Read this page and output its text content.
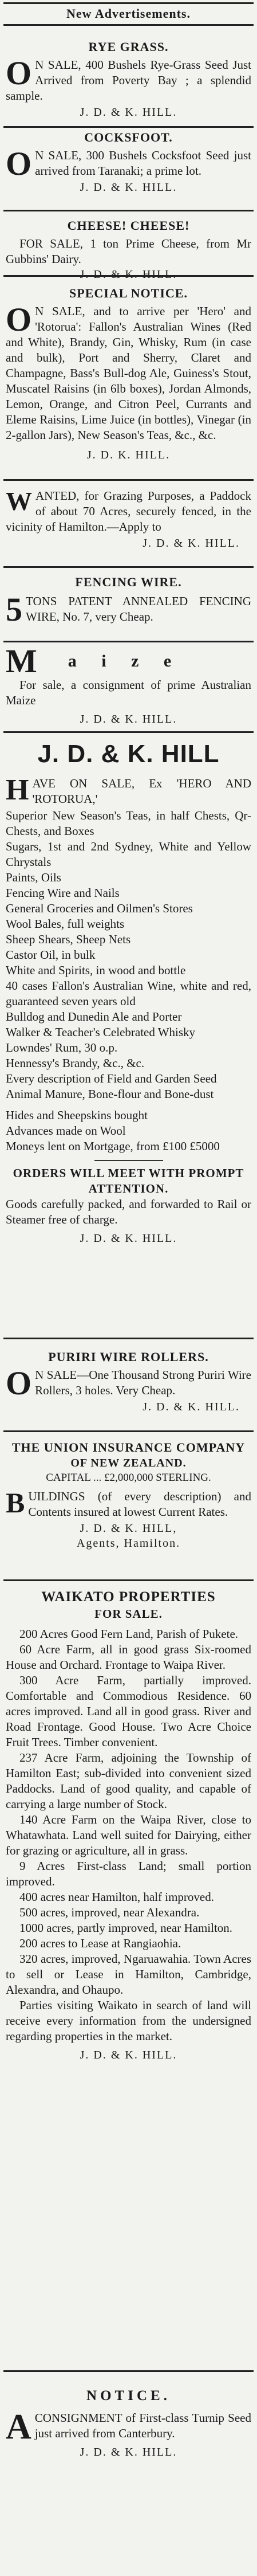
New Advertisements.
RYE GRASS.
O N SALE, 400 Bushels Rye-Grass Seed Just Arrived from Poverty Bay ; a splendid sample.
J. D. & K. HILL.
COCKSFOOT.
O N SALE, 300 Bushels Cocksfoot Seed just arrived from Taranaki; a prime lot.
J. D. & K. HILL.
CHEESE! CHEESE!
FOR SALE, 1 ton Prime Cheese, from Mr Gubbins' Dairy.
J. D. & K. HILL.
SPECIAL NOTICE.
O N SALE, and to arrive per 'Hero' and 'Rotorua': Fallon's Australian Wines (Red and White), Brandy, Gin, Whisky, Rum (in case and bulk), Port and Sherry, Claret and Champagne, Bass's Bull-dog Ale, Guiness's Stout, Muscatel Raisins (in 6lb boxes), Jordan Almonds, Lemon, Orange, and Citron Peel, Currants and Eleme Raisins, Lime Juice (in bottles), Vinegar (in 2-gallon Jars), New Season's Teas, &c., &c.
J. D. K. HILL.
WANTED, for Grazing Purposes, a Paddock of about 70 Acres, securely fenced, in the vicinity of Hamilton.—Apply to
J. D. & K. HILL.
FENCING WIRE.
5 TONS PATENT ANNEALED FENCING WIRE, No. 7, very Cheap.
M a i z e
For sale, a consignment of prime Australian Maize
J. D. & K. HILL.
J. D. & K. HILL
HAVE ON SALE, Ex 'HERO AND 'ROTORUA,'

Superior New Season's Teas, in half Chests, Qr-Chests, and Boxes

Sugars, 1st and 2nd Sydney, White and Yellow Chrystals

Paints, Oils

Fencing Wire and Nails

General Groceries and Oilmen's Stores

Wool Bales, full weights

Sheep Shears, Sheep Nets

Castor Oil, in bulk

White and Spirits, in wood and bottle

40 cases Fallon's Australian Wine, white and red, guaranteed seven years old

Bulldog and Dunedin Ale and Porter

Walker & Teacher's Celebrated Whisky

Lowndes' Rum, 30 o.p.

Hennessy's Brandy, &c., &c.

Every description of Field and Garden Seed

Animal Manure, Bone-flour and Bone-dust

Hides and Sheepskins bought

Advances made on Wool

Moneys lent on Mortgage, from £100 £5000

ORDERS WILL MEET WITH PROMPT ATTENTION.
Goods carefully packed, and forwarded to Rail or Steamer free of charge.
J. D. & K. HILL.
PURIRI WIRE ROLLERS.
O N SALE—One Thousand Strong Puriri Wire Rollers, 3 holes. Very Cheap.
J. D. & K. HILL.
THE UNION INSURANCE COMPANY
OF NEW ZEALAND.
CAPITAL ... £2,000,000 STERLING.
BUILDINGS (of every description) and Contents insured at lowest Current Rates.
J. D. & K. HILL,
Agents, Hamilton.
WAIKATO PROPERTIES
FOR SALE.

200 Acres Good Fern Land, Parish of Pukete.

60 Acre Farm, all in good grass Six-roomed House and Orchard. Frontage to Waipa River.

300 Acre Farm, partially improved. Comfortable and Commodious Residence. 60 acres improved. Land all in good grass. River and Road Frontage. Good House. Two Acre Choice Fruit Trees. Timber convenient.

237 Acre Farm, adjoining the Township of Hamilton East; sub-divided into convenient sized Paddocks. Land of good quality, and capable of carrying a large number of Stock.

140 Acre Farm on the Waipa River, close to Whatawhata. Land well suited for Dairying, either for grazing or agriculture, all in grass.

9 Acres First-class Land; small portion improved.

400 acres near Hamilton, half improved.

500 acres, improved, near Alexandra.

1000 acres, partly improved, near Hamilton.

200 acres to Lease at Rangiaohia.

320 acres, improved, Ngaruawahia. Town Acres to sell or Lease in Hamilton, Cambridge, Alexandra, and Ohaupo.

Parties visiting Waikato in search of land will receive every information from the undersigned regarding properties in the market.

J. D. & K. HILL.
NOTICE.
ACONSIGNMENT of First-class Turnip Seed just arrived from Canterbury.
J. D. & K. HILL.
